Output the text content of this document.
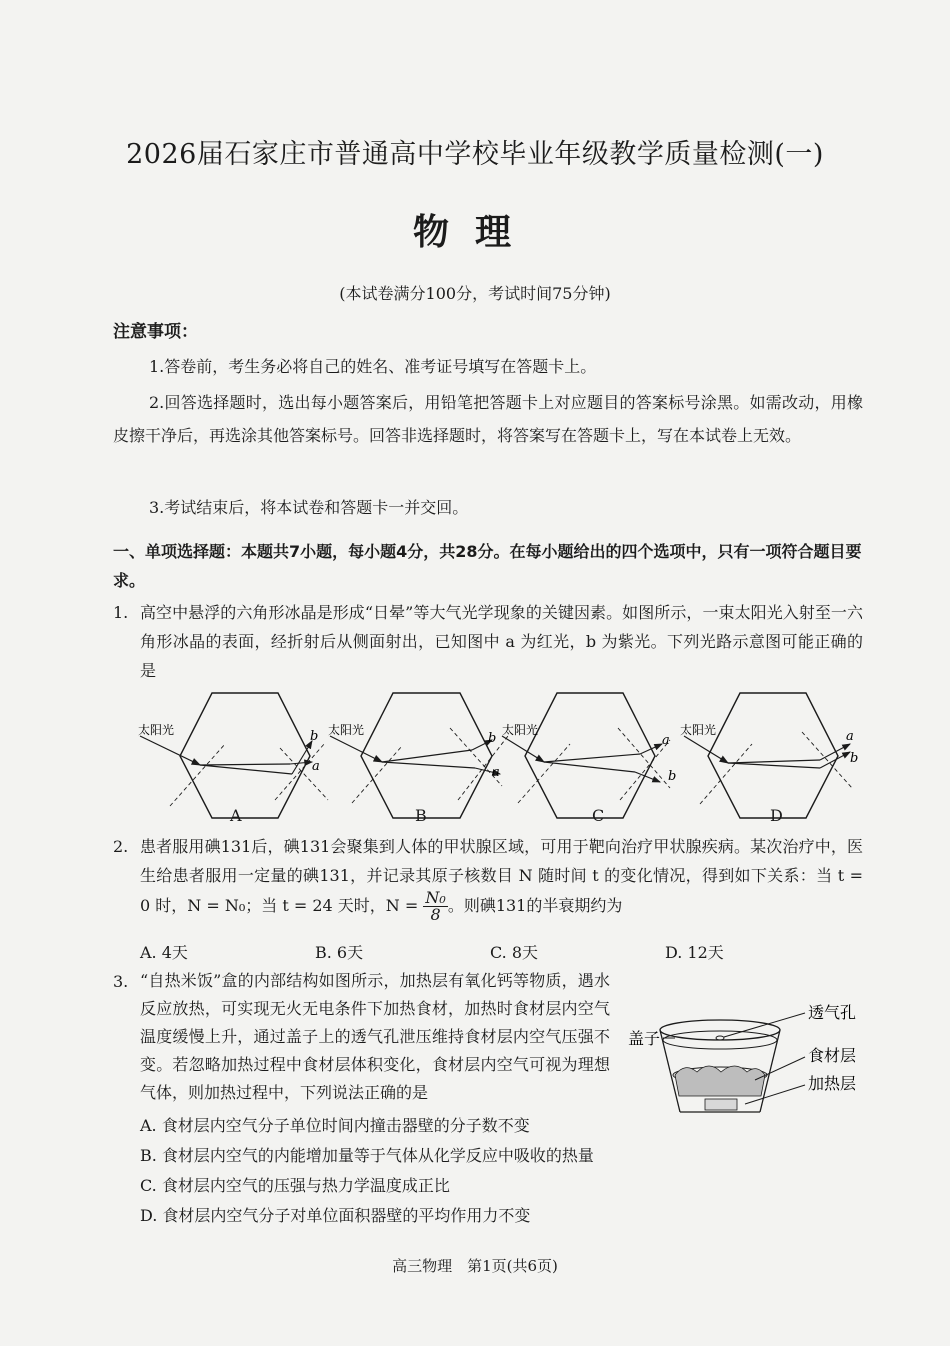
2026届石家庄市普通高中学校毕业年级教学质量检测(一)
物理
(本试卷满分100分，考试时间75分钟)
注意事项：
1.答卷前，考生务必将自己的姓名、准考证号填写在答题卡上。
2.回答选择题时，选出每小题答案后，用铅笔把答题卡上对应题目的答案标号涂黑。如需改动，用橡皮擦干净后，再选涂其他答案标号。回答非选择题时，将答案写在答题卡上，写在本试卷上无效。
3.考试结束后，将本试卷和答题卡一并交回。
一、单项选择题：本题共7小题，每小题4分，共28分。在每小题给出的四个选项中，只有一项符合题目要求。
1. 高空中悬浮的六角形冰晶是形成“日晕”等大气光学现象的关键因素。如图所示，一束太阳光入射至一六角形冰晶的表面，经折射后从侧面射出，已知图中 a 为红光，b 为紫光。下列光路示意图可能正确的是
太阳光	b
a
太阳光
b
a
太阳光
a
b
太阳光	a
b
A	B	C	D
2. 患者服用碘131后，碘131会聚集到人体的甲状腺区域，可用于靶向治疗甲状腺疾病。某次治疗中，医生给患者服用一定量的碘131，并记录其原子核数目 N 随时间 t 的变化情况，得到如下关系：当 t = 0 时，N = N₀；当 t = 24 天时，$N = \frac{\text{N₀}}{8}$ 。则碘131的半衰期约为
A. 4天	B. 6天	C. 8天	D. 12天
3. “自热米饭”盒的内部结构如图所示，加热层有氧化钙等物质，遇水反应放热，可实现无火无电条件下加热食材，加热时食材层内空气温度缓慢上升，通过盖子上的透气孔泄压维持食材层内空气压强不变。若忽略加热过程中食材层体积变化，食材层内空气可视为理想气体，则加热过程中，下列说法正确的是
透气孔
盖子
食材层
加热层
A. 食材层内空气分子单位时间内撞击器壁的分子数不变
B. 食材层内空气的内能增加量等于气体从化学反应中吸收的热量
C. 食材层内空气的压强与热力学温度成正比
D. 食材层内空气分子对单位面积器壁的平均作用力不变
高三物理　第1页(共6页)
